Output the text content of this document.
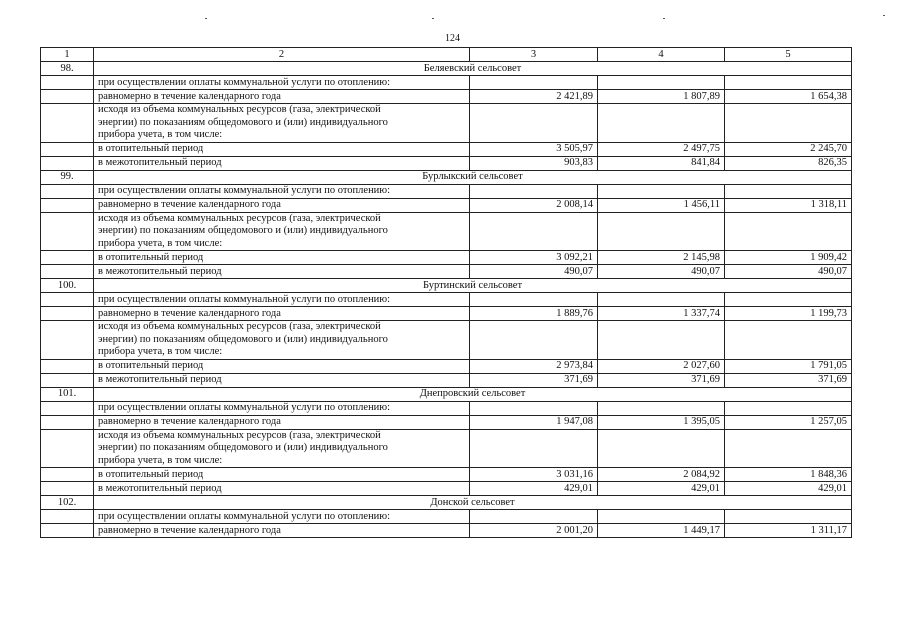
124
1	2	3	4	5
98.	Беляевский сельсовет			
	при осуществлении оплаты коммунальной услуги по отоплению:			
	равномерно в течение календарного года	2 421,89	1 807,89	1 654,38
	исходя из объема коммунальных ресурсов (газа, электрической
энергии) по показаниям общедомового и (или) индивидуального
прибора учета, в том числе:			
	в отопительный период	3 505,97	2 497,75	2 245,70
	в межотопительный период	903,83	841,84	826,35
99.	Бурлыкский сельсовет			
	при осуществлении оплаты коммунальной услуги по отоплению:			
	равномерно в течение календарного года	2 008,14	1 456,11	1 318,11
	исходя из объема коммунальных ресурсов (газа, электрической
энергии) по показаниям общедомового и (или) индивидуального
прибора учета, в том числе:			
	в отопительный период	3 092,21	2 145,98	1 909,42
	в межотопительный период	490,07	490,07	490,07
100.	Буртинский сельсовет			
	при осуществлении оплаты коммунальной услуги по отоплению:			
	равномерно в течение календарного года	1 889,76	1 337,74	1 199,73
	исходя из объема коммунальных ресурсов (газа, электрической
энергии) по показаниям общедомового и (или) индивидуального
прибора учета, в том числе:			
	в отопительный период	2 973,84	2 027,60	1 791,05
	в межотопительный период	371,69	371,69	371,69
101.	Днепровский сельсовет			
	при осуществлении оплаты коммунальной услуги по отоплению:			
	равномерно в течение календарного года	1 947,08	1 395,05	1 257,05
	исходя из объема коммунальных ресурсов (газа, электрической
энергии) по показаниям общедомового и (или) индивидуального
прибора учета, в том числе:			
	в отопительный период	3 031,16	2 084,92	1 848,36
	в межотопительный период	429,01	429,01	429,01
102.	Донской сельсовет			
	при осуществлении оплаты коммунальной услуги по отоплению:			
	равномерно в течение календарного года	2 001,20	1 449,17	1 311,17
